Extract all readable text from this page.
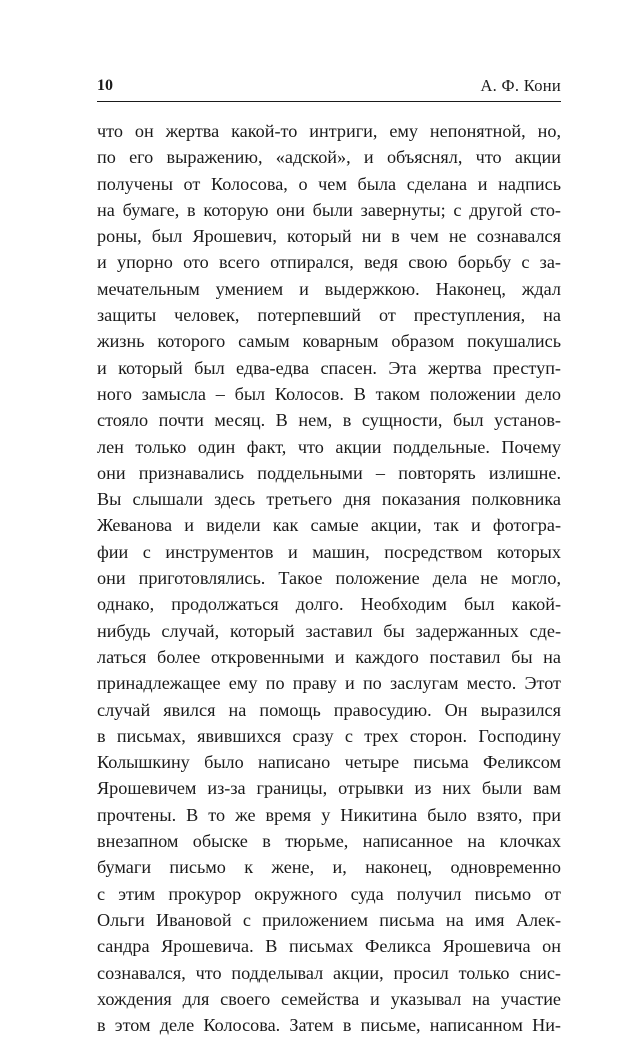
10	А. Ф. Кони
что он жертва какой-то интриги, ему непонятной, но,
по его выражению, «адской», и объяснял, что акции
получены от Колосова, о чем была сделана и надпись
на бумаге, в которую они были завернуты; с другой сто-
роны, был Ярошевич, который ни в чем не сознавался
и упорно ото всего отпирался, ведя свою борьбу с за-
мечательным умением и выдержкою. Наконец, ждал
защиты человек, потерпевший от преступления, на
жизнь которого самым коварным образом покушались
и который был едва-едва спасен. Эта жертва преступ-
ного замысла – был Колосов. В таком положении дело
стояло почти месяц. В нем, в сущности, был установ-
лен только один факт, что акции поддельные. Почему
они признавались поддельными – повторять излишне.
Вы слышали здесь третьего дня показания полковника
Жеванова и видели как самые акции, так и фотогра-
фии с инструментов и машин, посредством которых
они приготовлялись. Такое положение дела не могло,
однако, продолжаться долго. Необходим был какой-
нибудь случай, который заставил бы задержанных сде-
латься более откровенными и каждого поставил бы на
принадлежащее ему по праву и по заслугам место. Этот
случай явился на помощь правосудию. Он выразился
в письмах, явившихся сразу с трех сторон. Господину
Колышкину было написано четыре письма Феликсом
Ярошевичем из-за границы, отрывки из них были вам
прочтены. В то же время у Никитина было взято, при
внезапном обыске в тюрьме, написанное на клочках
бумаги письмо к жене, и, наконец, одновременно
с этим прокурор окружного суда получил письмо от
Ольги Ивановой с приложением письма на имя Алек-
сандра Ярошевича. В письмах Феликса Ярошевича он
сознавался, что подделывал акции, просил только снис-
хождения для своего семейства и указывал на участие
в этом деле Колосова. Затем в письме, написанном Ни-
